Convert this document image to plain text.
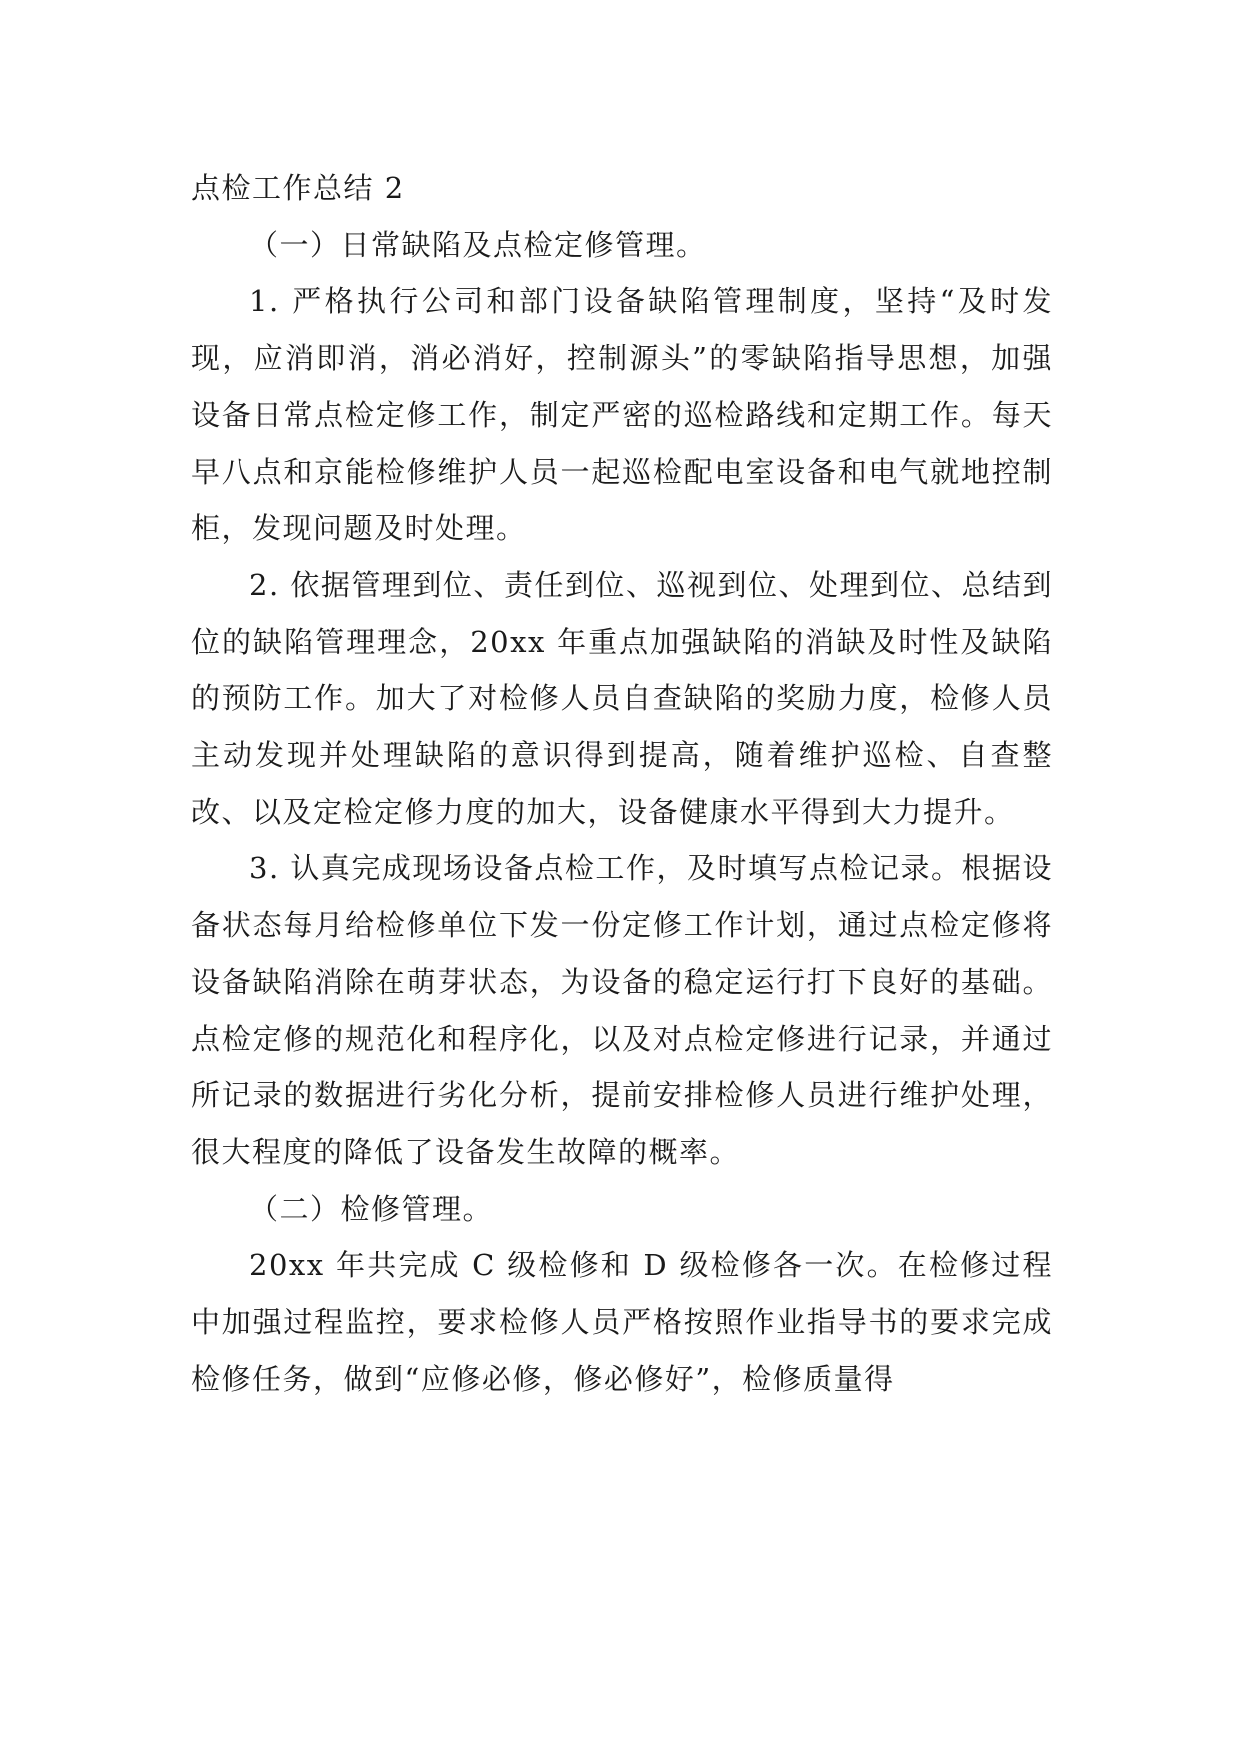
点检工作总结 2

（一）日常缺陷及点检定修管理。

1. 严格执行公司和部门设备缺陷管理制度，坚持“及时发现，应消即消，消必消好，控制源头”的零缺陷指导思想，加强设备日常点检定修工作，制定严密的巡检路线和定期工作。每天早八点和京能检修维护人员一起巡检配电室设备和电气就地控制柜，发现问题及时处理。

2. 依据管理到位、责任到位、巡视到位、处理到位、总结到位的缺陷管理理念，20xx 年重点加强缺陷的消缺及时性及缺陷的预防工作。加大了对检修人员自查缺陷的奖励力度，检修人员主动发现并处理缺陷的意识得到提高，随着维护巡检、自查整改、以及定检定修力度的加大，设备健康水平得到大力提升。

3. 认真完成现场设备点检工作，及时填写点检记录。根据设备状态每月给检修单位下发一份定修工作计划，通过点检定修将设备缺陷消除在萌芽状态，为设备的稳定运行打下良好的基础。点检定修的规范化和程序化，以及对点检定修进行记录，并通过所记录的数据进行劣化分析，提前安排检修人员进行维护处理，很大程度的降低了设备发生故障的概率。

（二）检修管理。

20xx 年共完成 C 级检修和 D 级检修各一次。在检修过程中加强过程监控，要求检修人员严格按照作业指导书的要求完成检修任务，做到“应修必修，修必修好”，检修质量得
